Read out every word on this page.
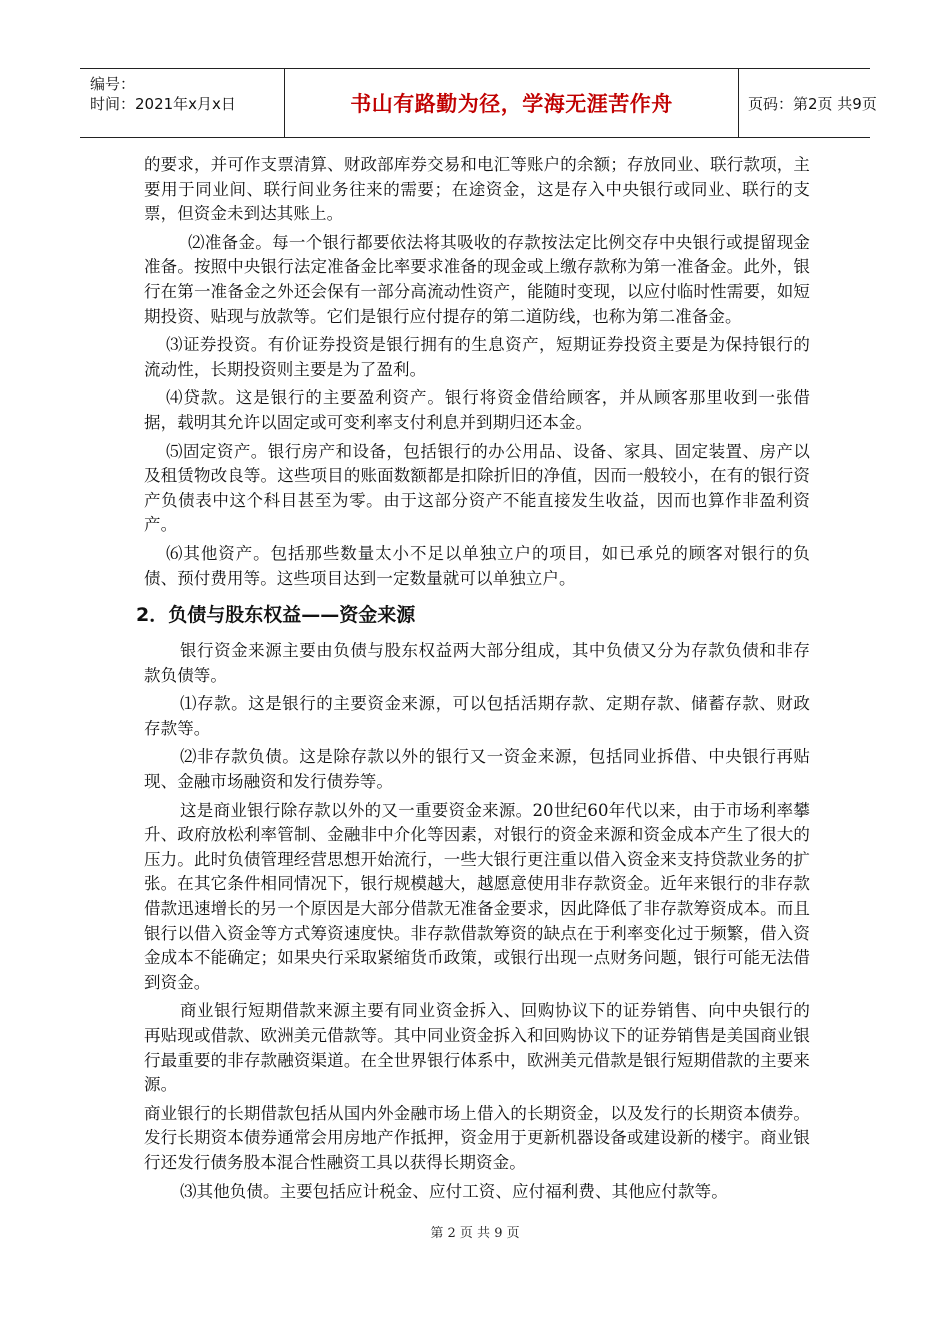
编号：
时间：2021年x月x日	书山有路勤为径，学海无涯苦作舟	页码：第2页 共9页

的要求，并可作支票清算、财政部库券交易和电汇等账户的余额；存放同业、联行款项，主要用于同业间、联行间业务往来的需要；在途资金，这是存入中央银行或同业、联行的支票，但资金未到达其账上。

⑵准备金。每一个银行都要依法将其吸收的存款按法定比例交存中央银行或提留现金准备。按照中央银行法定准备金比率要求准备的现金或上缴存款称为第一准备金。此外，银行在第一准备金之外还会保有一部分高流动性资产，能随时变现，以应付临时性需要，如短期投资、贴现与放款等。它们是银行应付提存的第二道防线，也称为第二准备金。

⑶证券投资。有价证券投资是银行拥有的生息资产，短期证券投资主要是为保持银行的流动性，长期投资则主要是为了盈利。

⑷贷款。这是银行的主要盈利资产。银行将资金借给顾客，并从顾客那里收到一张借据，载明其允许以固定或可变利率支付利息并到期归还本金。

⑸固定资产。银行房产和设备，包括银行的办公用品、设备、家具、固定装置、房产以及租赁物改良等。这些项目的账面数额都是扣除折旧的净值，因而一般较小，在有的银行资产负债表中这个科目甚至为零。由于这部分资产不能直接发生收益，因而也算作非盈利资产。

⑹其他资产。包括那些数量太小不足以单独立户的项目，如已承兑的顾客对银行的负债、预付费用等。这些项目达到一定数量就可以单独立户。

2．负债与股东权益——资金来源

银行资金来源主要由负债与股东权益两大部分组成，其中负债又分为存款负债和非存款负债等。

⑴存款。这是银行的主要资金来源，可以包括活期存款、定期存款、储蓄存款、财政存款等。

⑵非存款负债。这是除存款以外的银行又一资金来源，包括同业拆借、中央银行再贴现、金融市场融资和发行债券等。

这是商业银行除存款以外的又一重要资金来源。20世纪60年代以来，由于市场利率攀升、政府放松利率管制、金融非中介化等因素，对银行的资金来源和资金成本产生了很大的压力。此时负债管理经营思想开始流行，一些大银行更注重以借入资金来支持贷款业务的扩张。在其它条件相同情况下，银行规模越大，越愿意使用非存款资金。近年来银行的非存款借款迅速增长的另一个原因是大部分借款无准备金要求，因此降低了非存款筹资成本。而且银行以借入资金等方式筹资速度快。非存款借款筹资的缺点在于利率变化过于频繁，借入资金成本不能确定；如果央行采取紧缩货币政策，或银行出现一点财务问题，银行可能无法借到资金。

商业银行短期借款来源主要有同业资金拆入、回购协议下的证券销售、向中央银行的再贴现或借款、欧洲美元借款等。其中同业资金拆入和回购协议下的证券销售是美国商业银行最重要的非存款融资渠道。在全世界银行体系中，欧洲美元借款是银行短期借款的主要来源。

商业银行的长期借款包括从国内外金融市场上借入的长期资金，以及发行的长期资本债券。发行长期资本债券通常会用房地产作抵押，资金用于更新机器设备或建设新的楼宇。商业银行还发行债务股本混合性融资工具以获得长期资金。

⑶其他负债。主要包括应计税金、应付工资、应付福利费、其他应付款等。

第 2 页 共 9 页
